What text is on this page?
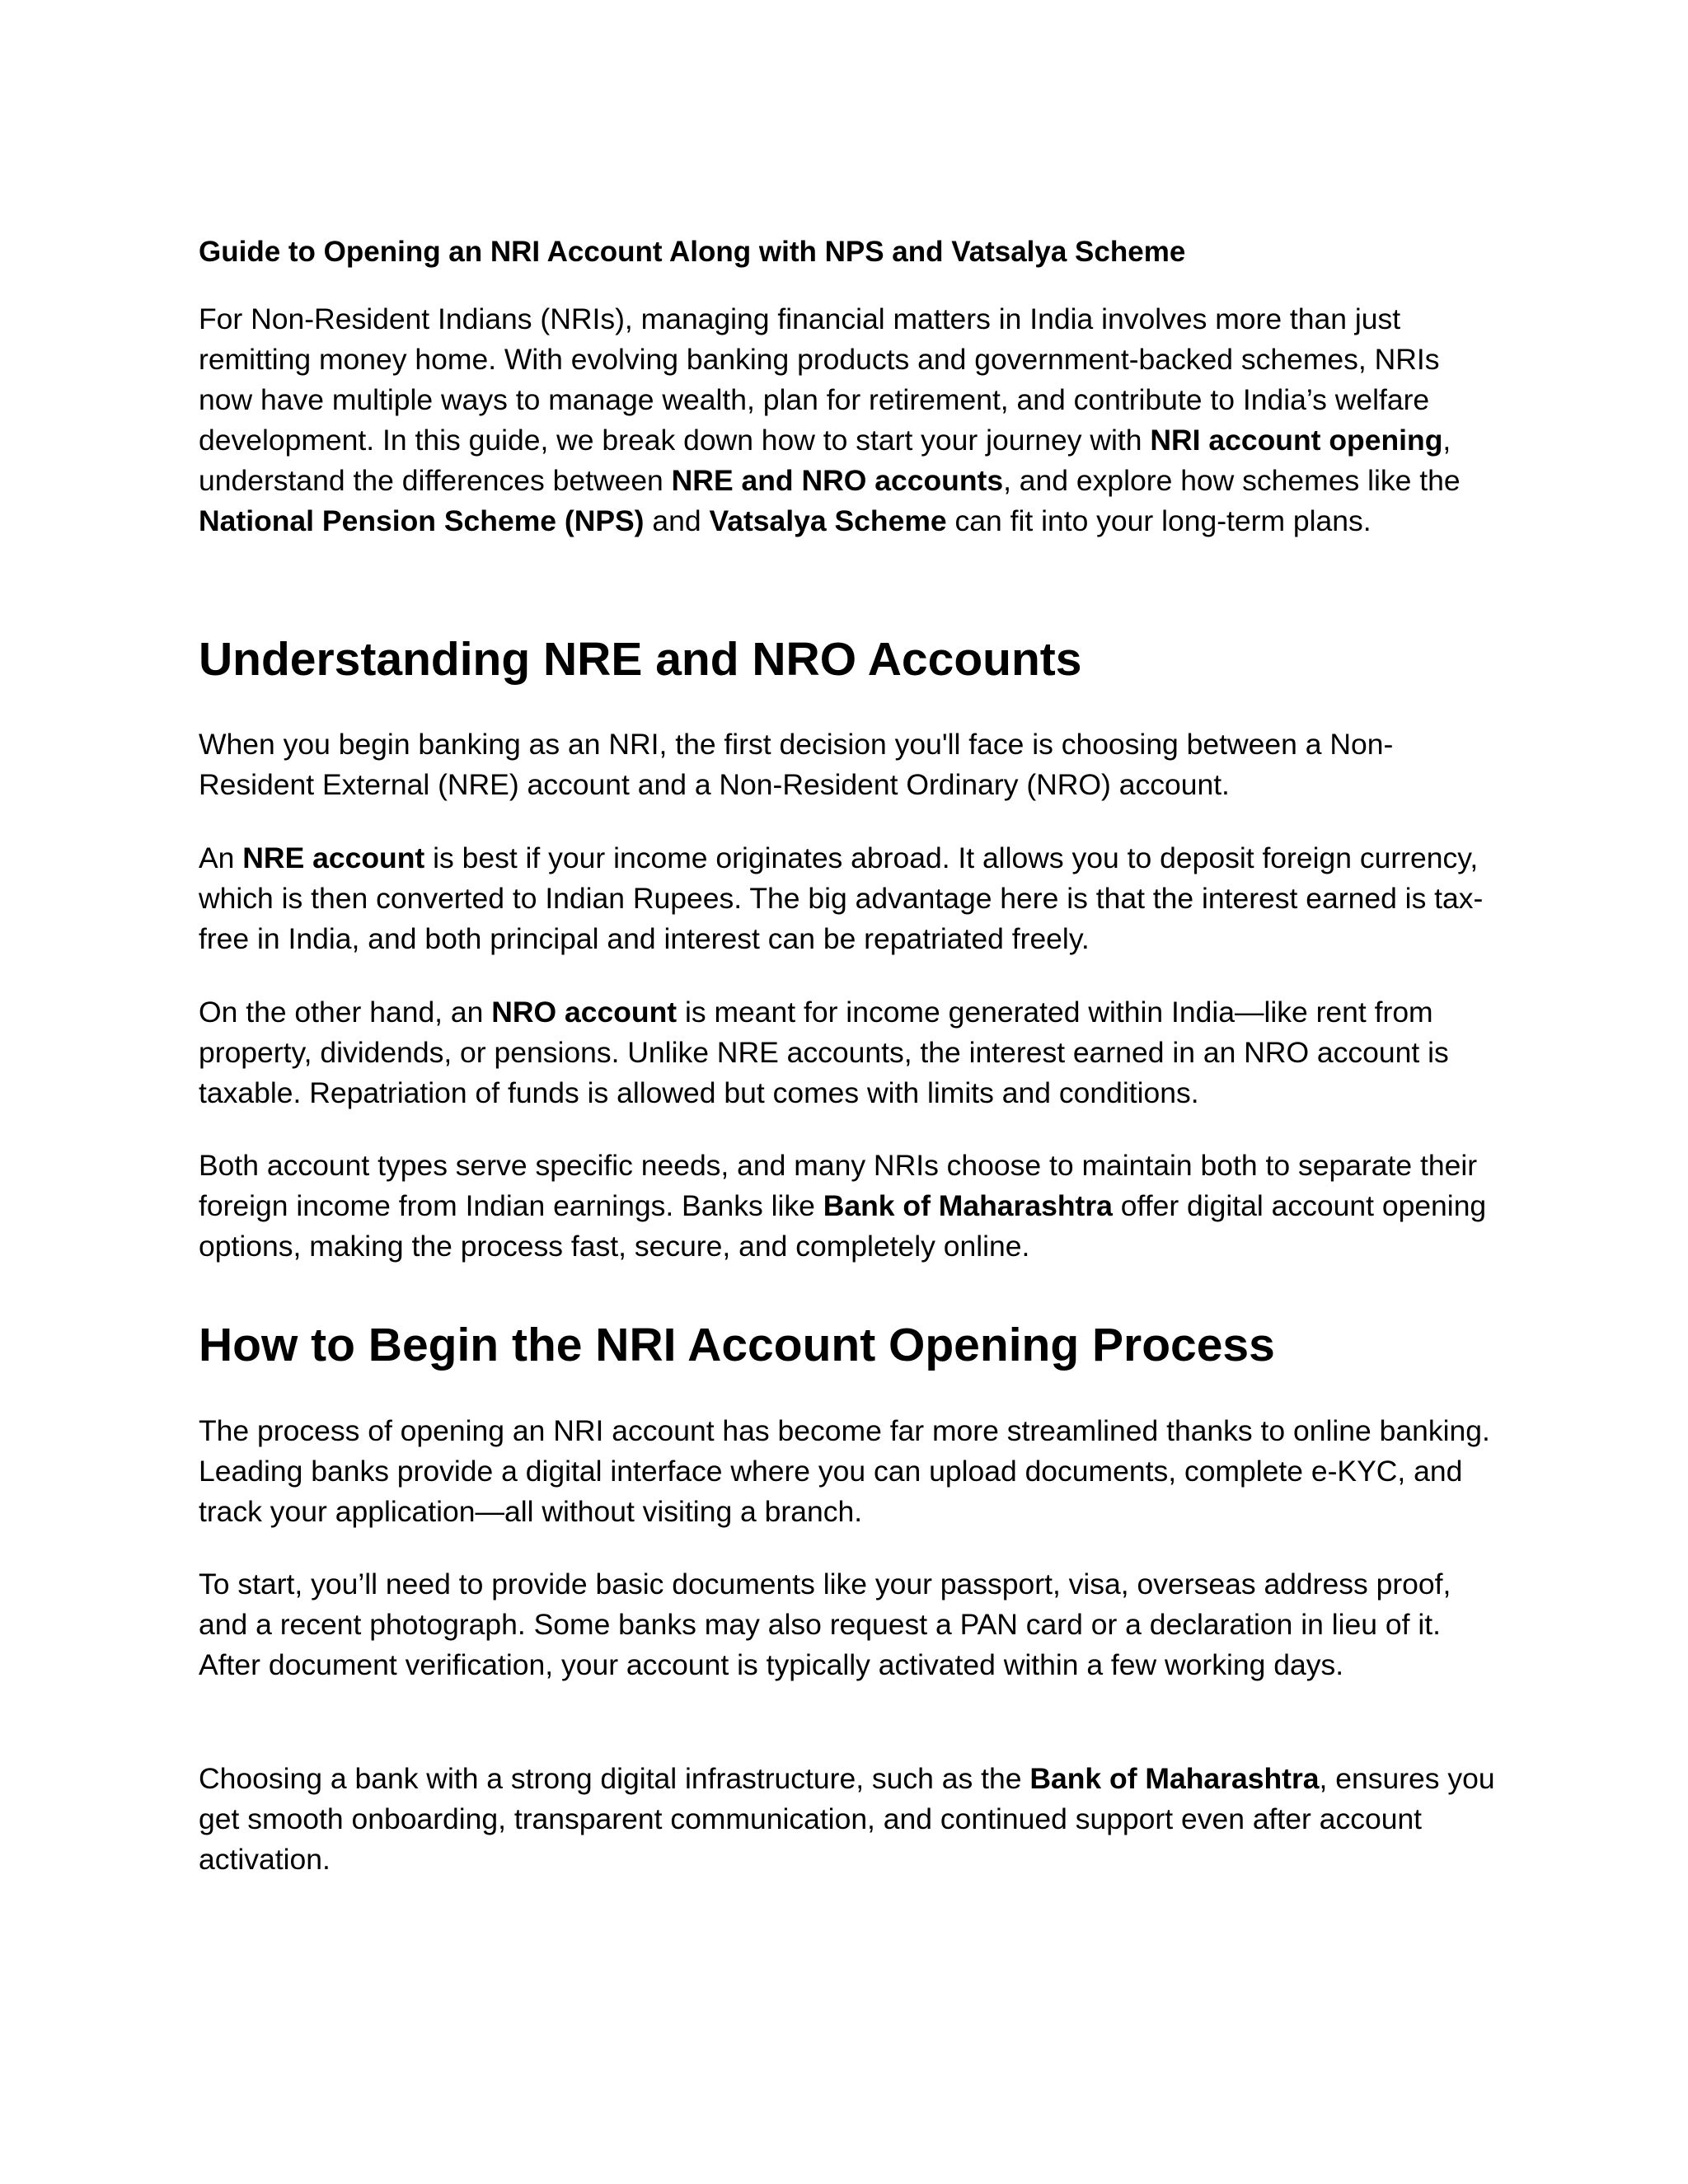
Guide to Opening an NRI Account Along with NPS and Vatsalya Scheme

For Non-Resident Indians (NRIs), managing financial matters in India involves more than just remitting money home. With evolving banking products and government-backed schemes, NRIs now have multiple ways to manage wealth, plan for retirement, and contribute to India’s welfare development. In this guide, we break down how to start your journey with NRI account opening, understand the differences between NRE and NRO accounts, and explore how schemes like the National Pension Scheme (NPS) and Vatsalya Scheme can fit into your long-term plans.

Understanding NRE and NRO Accounts

When you begin banking as an NRI, the first decision you'll face is choosing between a Non-Resident External (NRE) account and a Non-Resident Ordinary (NRO) account.

An NRE account is best if your income originates abroad. It allows you to deposit foreign currency, which is then converted to Indian Rupees. The big advantage here is that the interest earned is tax-free in India, and both principal and interest can be repatriated freely.

On the other hand, an NRO account is meant for income generated within India—like rent from property, dividends, or pensions. Unlike NRE accounts, the interest earned in an NRO account is taxable. Repatriation of funds is allowed but comes with limits and conditions.

Both account types serve specific needs, and many NRIs choose to maintain both to separate their foreign income from Indian earnings. Banks like Bank of Maharashtra offer digital account opening options, making the process fast, secure, and completely online.

How to Begin the NRI Account Opening Process

The process of opening an NRI account has become far more streamlined thanks to online banking. Leading banks provide a digital interface where you can upload documents, complete e-KYC, and track your application—all without visiting a branch.

To start, you’ll need to provide basic documents like your passport, visa, overseas address proof, and a recent photograph. Some banks may also request a PAN card or a declaration in lieu of it. After document verification, your account is typically activated within a few working days.

Choosing a bank with a strong digital infrastructure, such as the Bank of Maharashtra, ensures you get smooth onboarding, transparent communication, and continued support even after account activation.
